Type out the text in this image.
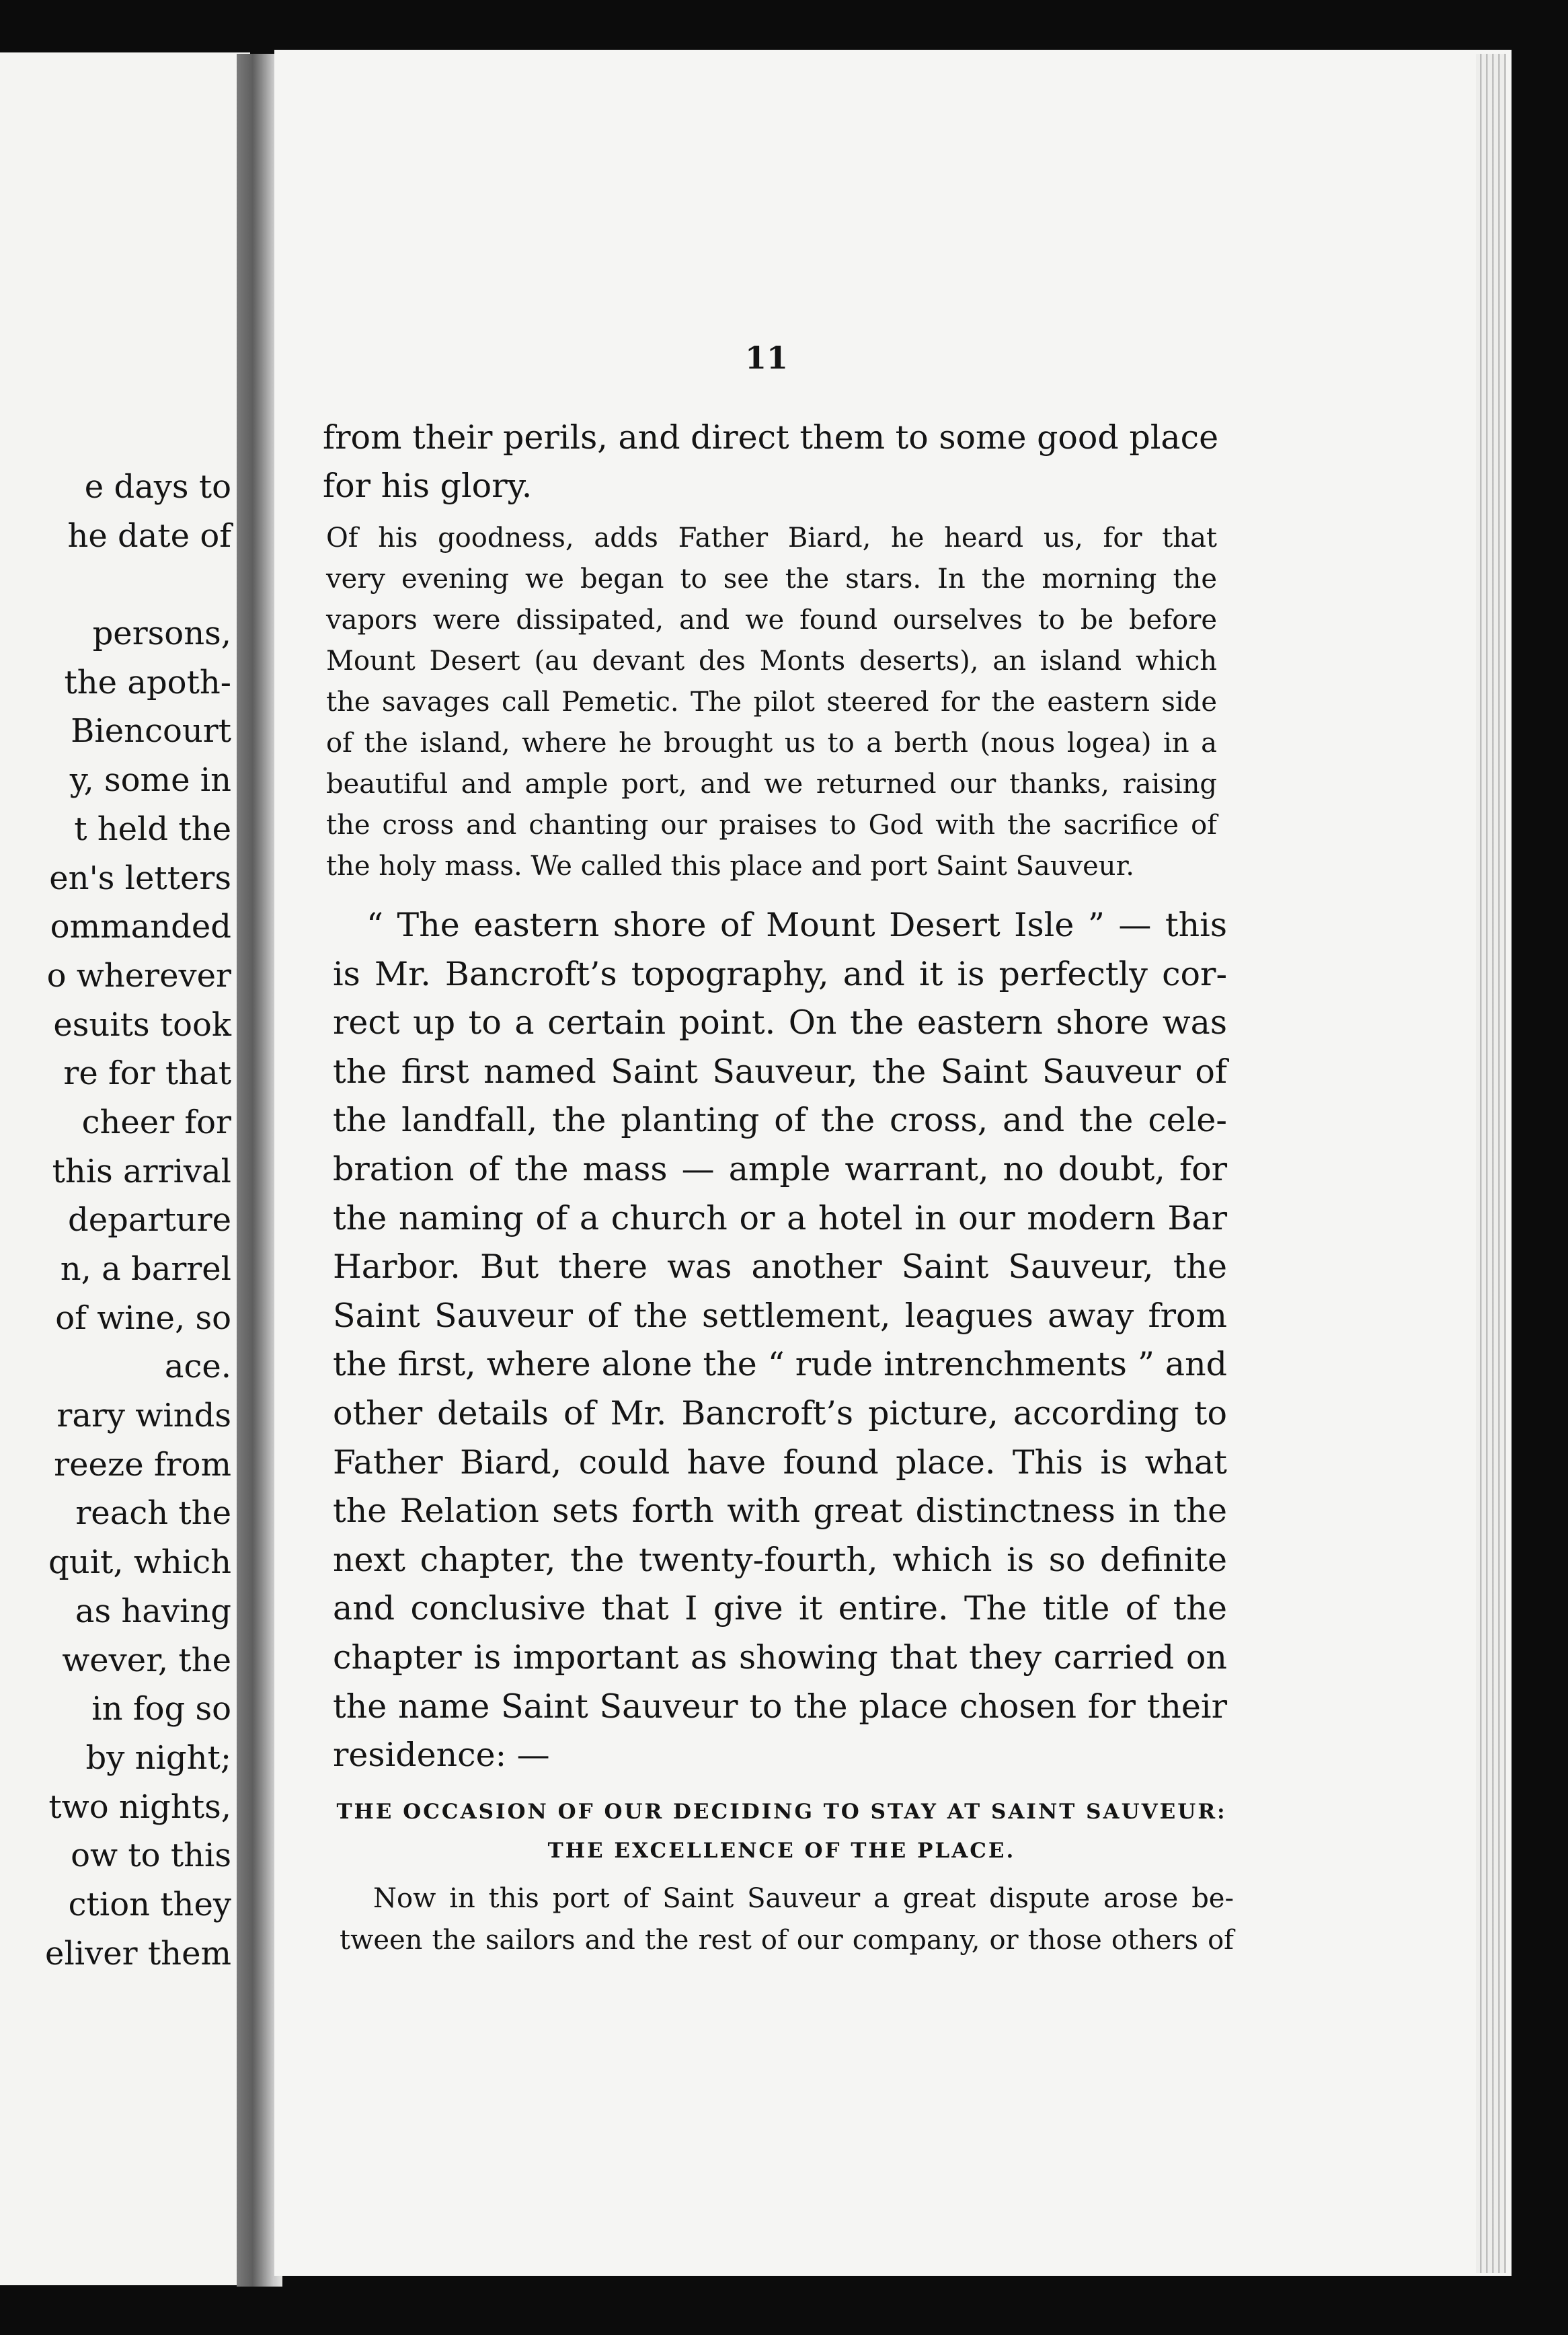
e days to
he date of
persons,
the apoth-
Biencourt
y, some in
t held the
en's letters
ommanded
o wherever
esuits took
re for that
cheer for
this arrival
departure
n, a barrel
of wine, so
ace.
rary winds
reeze from
reach the
quit, which
as having
wever, the
in fog so
by night;
two nights,
ow to this
ction they
eliver them
11
from their perils, and direct them to some good place
for his glory.
Of his goodness, adds Father Biard, he heard us, for that
very evening we began to see the stars. In the morning the
vapors were dissipated, and we found ourselves to be before
Mount Desert (au devant des Monts deserts), an island which
the savages call Pemetic. The pilot steered for the eastern side
of the island, where he brought us to a berth (nous logea) in a
beautiful and ample port, and we returned our thanks, raising
the cross and chanting our praises to God with the sacrifice of
the holy mass. We called this place and port Saint Sauveur.
“ The eastern shore of Mount Desert Isle ” — this
is Mr. Bancroft’s topography, and it is perfectly cor-
rect up to a certain point. On the eastern shore was
the first named Saint Sauveur, the Saint Sauveur of
the landfall, the planting of the cross, and the cele-
bration of the mass — ample warrant, no doubt, for
the naming of a church or a hotel in our modern Bar
Harbor. But there was another Saint Sauveur, the
Saint Sauveur of the settlement, leagues away from
the first, where alone the “ rude intrenchments ” and
other details of Mr. Bancroft’s picture, according to
Father Biard, could have found place. This is what
the Relation sets forth with great distinctness in the
next chapter, the twenty-fourth, which is so definite
and conclusive that I give it entire. The title of the
chapter is important as showing that they carried on
the name Saint Sauveur to the place chosen for their
residence: —
THE OCCASION OF OUR DECIDING TO STAY AT SAINT SAUVEUR:
THE EXCELLENCE OF THE PLACE.
Now in this port of Saint Sauveur a great dispute arose be-
tween the sailors and the rest of our company, or those others of
